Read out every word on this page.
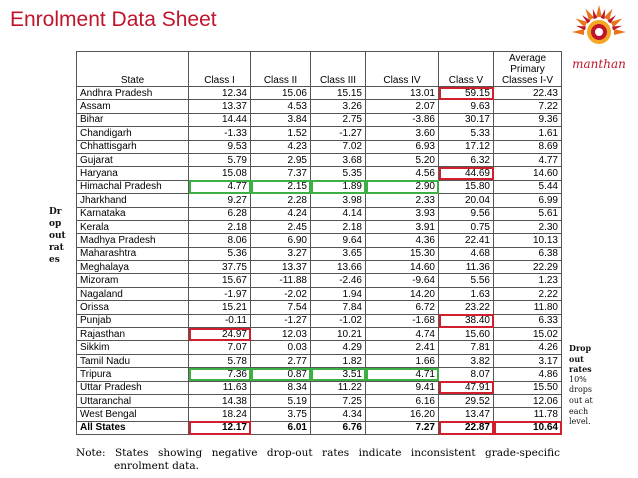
Enrolment Data Sheet
manthan
Dr
op
out
rat
es
Drop
out
rates
10%
drops
out at
each
level.
State	Class I	Class II	Class III	Class IV	Class V	Average Primary Classes I-V
Andhra Pradesh	12.34	15.06	15.15	13.01	59.15	22.43
Assam	13.37	4.53	3.26	2.07	9.63	7.22
Bihar	14.44	3.84	2.75	-3.86	30.17	9.36
Chandigarh	-1.33	1.52	-1.27	3.60	5.33	1.61
Chhattisgarh	9.53	4.23	7.02	6.93	17.12	8.69
Gujarat	5.79	2.95	3.68	5.20	6.32	4.77
Haryana	15.08	7.37	5.35	4.56	44.69	14.60
Himachal Pradesh	4.77	2.15	1.89	2.90	15.80	5.44
Jharkhand	9.27	2.28	3.98	2.33	20.04	6.99
Karnataka	6.28	4.24	4.14	3.93	9.56	5.61
Kerala	2.18	2.45	2.18	3.91	0.75	2.30
Madhya Pradesh	8.06	6.90	9.64	4.36	22.41	10.13
Maharashtra	5.36	3.27	3.65	15.30	4.68	6.38
Meghalaya	37.75	13.37	13.66	14.60	11.36	22.29
Mizoram	15.67	-11.88	-2.46	-9.64	5.56	1.23
Nagaland	-1.97	-2.02	1.94	14.20	1.63	2.22
Orissa	15.21	7.54	7.84	6.72	23.22	11.80
Punjab	-0.11	-1.27	-1.02	-1.68	38.40	6.33
Rajasthan	24.97	12.03	10.21	4.74	15.60	15.02
Sikkim	7.07	0.03	4.29	2.41	7.81	4.26
Tamil Nadu	5.78	2.77	1.82	1.66	3.82	3.17
Tripura	7.36	0.87	3.51	4.71	8.07	4.86
Uttar Pradesh	11.63	8.34	11.22	9.41	47.91	15.50
Uttaranchal	14.38	5.19	7.25	6.16	29.52	12.06
West Bengal	18.24	3.75	4.34	16.20	13.47	11.78
All States	12.17	6.01	6.76	7.27	22.87	10.64
Note: States showing negative drop-out rates indicate inconsistent grade-specific
enrolment data.
